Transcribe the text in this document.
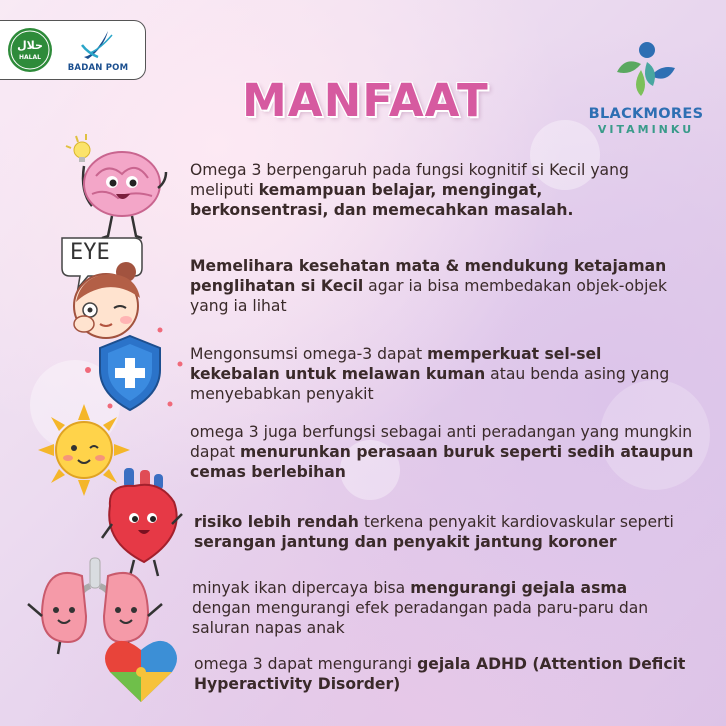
حلال
HALAL
BADAN POM
MANFAAT	BLACKMORES
VITAMINKU
Omega 3 berpengaruh pada fungsi kognitif si Kecil yang meliputi kemampuan belajar, mengingat, berkonsentrasi, dan memecahkan masalah.
EYE
Memelihara kesehatan mata & mendukung ketajaman penglihatan si Kecil agar ia bisa membedakan objek-objek yang ia lihat
Mengonsumsi omega-3 dapat memperkuat sel-sel kekebalan untuk melawan kuman atau benda asing yang menyebabkan penyakit
omega 3 juga berfungsi sebagai anti peradangan yang mungkin dapat menurunkan perasaan buruk seperti sedih ataupun cemas berlebihan
risiko lebih rendah terkena penyakit kardiovaskular seperti serangan jantung dan penyakit jantung koroner
minyak ikan dipercaya bisa mengurangi gejala asma dengan mengurangi efek peradangan pada paru-paru dan saluran napas anak
omega 3 dapat mengurangi gejala ADHD (Attention Deficit Hyperactivity Disorder)
